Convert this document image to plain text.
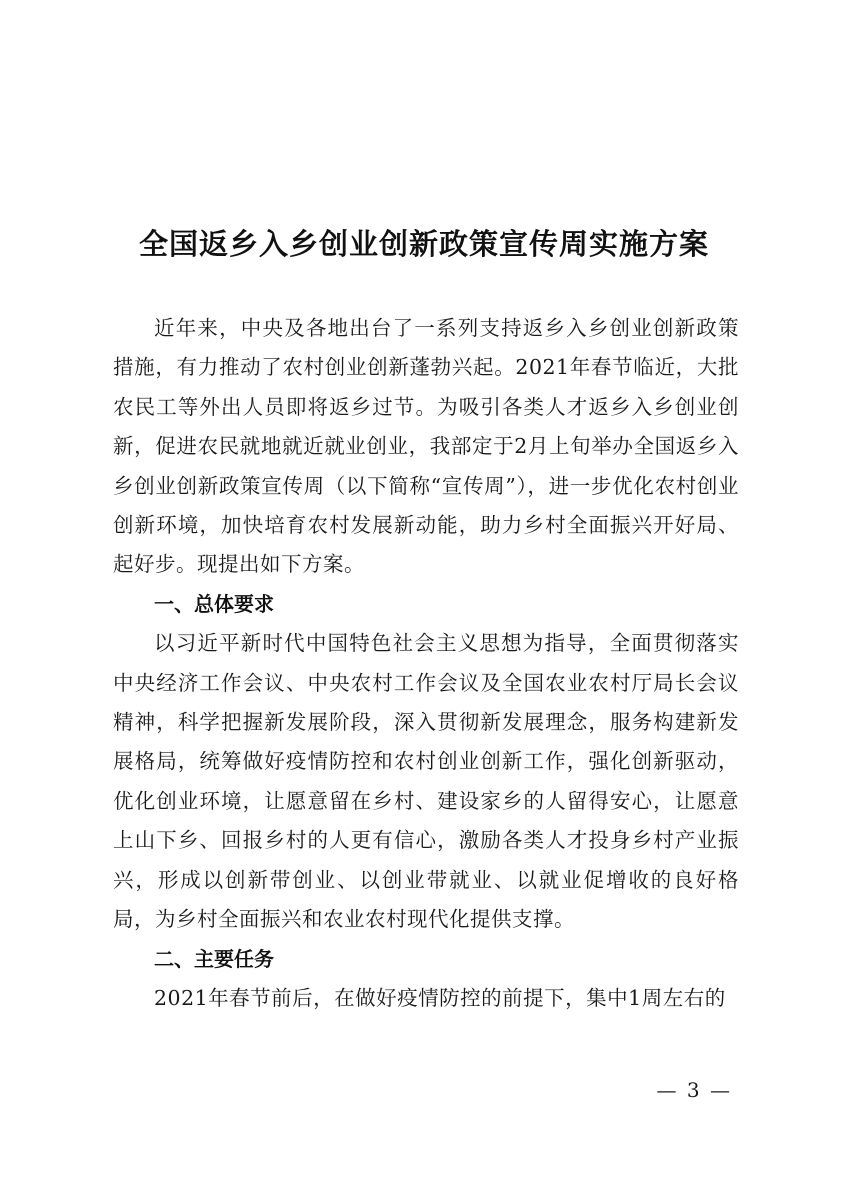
全国返乡入乡创业创新政策宣传周实施方案

近年来，中央及各地出台了一系列支持返乡入乡创业创新政策措施，有力推动了农村创业创新蓬勃兴起。2021年春节临近，大批农民工等外出人员即将返乡过节。为吸引各类人才返乡入乡创业创新，促进农民就地就近就业创业，我部定于2月上旬举办全国返乡入乡创业创新政策宣传周（以下简称“宣传周”），进一步优化农村创业创新环境，加快培育农村发展新动能，助力乡村全面振兴开好局、起好步。现提出如下方案。

一、总体要求

以习近平新时代中国特色社会主义思想为指导，全面贯彻落实中央经济工作会议、中央农村工作会议及全国农业农村厅局长会议精神，科学把握新发展阶段，深入贯彻新发展理念，服务构建新发展格局，统筹做好疫情防控和农村创业创新工作，强化创新驱动，优化创业环境，让愿意留在乡村、建设家乡的人留得安心，让愿意上山下乡、回报乡村的人更有信心，激励各类人才投身乡村产业振兴，形成以创新带创业、以创业带就业、以就业促增收的良好格局，为乡村全面振兴和农业农村现代化提供支撑。

二、主要任务

2021年春节前后，在做好疫情防控的前提下，集中1周左右的

— 3 —
